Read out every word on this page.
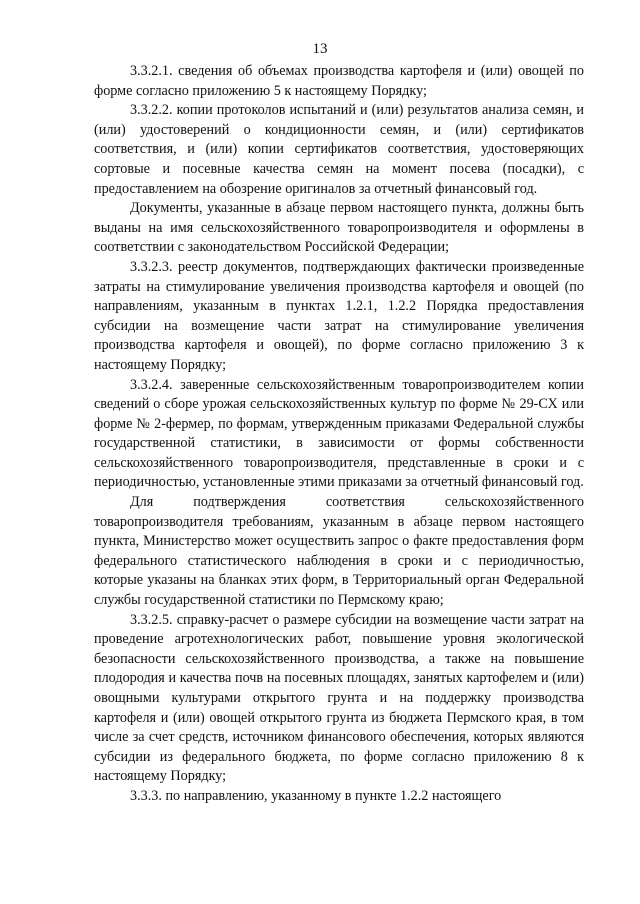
13

3.3.2.1. сведения об объемах производства картофеля и (или) овощей по форме согласно приложению 5 к настоящему Порядку;

3.3.2.2. копии протоколов испытаний и (или) результатов анализа семян, и (или) удостоверений о кондиционности семян, и (или) сертификатов соответствия, и (или) копии сертификатов соответствия, удостоверяющих сортовые и посевные качества семян на момент посева (посадки), с предоставлением на обозрение оригиналов за отчетный финансовый год.

Документы, указанные в абзаце первом настоящего пункта, должны быть выданы на имя сельскохозяйственного товаропроизводителя и оформлены в соответствии с законодательством Российской Федерации;

3.3.2.3. реестр документов, подтверждающих фактически произведенные затраты на стимулирование увеличения производства картофеля и овощей (по направлениям, указанным в пунктах 1.2.1, 1.2.2 Порядка предоставления субсидии на возмещение части затрат на стимулирование увеличения производства картофеля и овощей), по форме согласно приложению 3 к настоящему Порядку;

3.3.2.4. заверенные сельскохозяйственным товаропроизводителем копии сведений о сборе урожая сельскохозяйственных культур по форме № 29-СХ или форме № 2-фермер, по формам, утвержденным приказами Федеральной службы государственной статистики, в зависимости от формы собственности сельскохозяйственного товаропроизводителя, представленные в сроки и с периодичностью, установленные этими приказами за отчетный финансовый год.

Для подтверждения соответствия сельскохозяйственного товаропроизводителя требованиям, указанным в абзаце первом настоящего пункта, Министерство может осуществить запрос о факте предоставления форм федерального статистического наблюдения в сроки и с периодичностью, которые указаны на бланках этих форм, в Территориальный орган Федеральной службы государственной статистики по Пермскому краю;

3.3.2.5. справку-расчет о размере субсидии на возмещение части затрат на проведение агротехнологических работ, повышение уровня экологической безопасности сельскохозяйственного производства, а также на повышение плодородия и качества почв на посевных площадях, занятых картофелем и (или) овощными культурами открытого грунта и на поддержку производства картофеля и (или) овощей открытого грунта из бюджета Пермского края, в том числе за счет средств, источником финансового обеспечения, которых являются субсидии из федерального бюджета, по форме согласно приложению 8 к настоящему Порядку;

3.3.3. по направлению, указанному в пункте 1.2.2 настоящего
